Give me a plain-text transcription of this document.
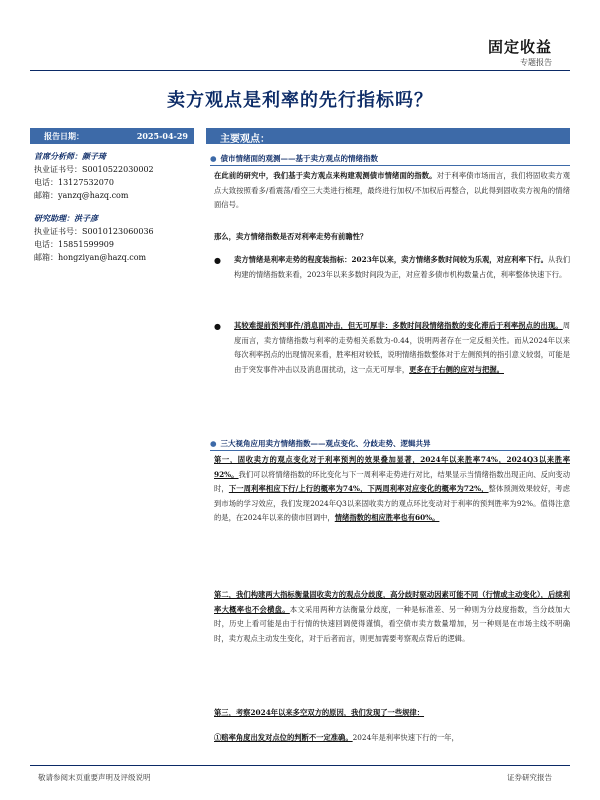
固定收益
专题报告
卖方观点是利率的先行指标吗？
报告日期：	2025-04-29	主要观点：
首席分析师：颜子琦
执业证书号：S0010522030002
电话：13127532070
邮箱：yanzq@hazq.com
研究助理：洪子彦
执业证书号：S0010123060036
电话：15851599909
邮箱：hongziyan@hazq.com
● 债市情绪面的观测——基于卖方观点的情绪指数
在此前的研究中，我们基于卖方观点来构建观测债市情绪面的指数。对于利率债市场而言，我们将固收卖方观点大致按照看多/看震荡/看空三大类进行梳理，最终进行加权/不加权后再整合，以此得到固收卖方视角的情绪面信号。
那么，卖方情绪指数是否对利率走势有前瞻性？
● 卖方情绪是利率走势的程度装指标：2023年以来，卖方情绪多数时间较为乐观，对应利率下行。从我们构建的情绪指数来看，2023年以来多数时间段为正，对应着多债市机构数量占优，利率整体快速下行。
● 其较难提前预判事件/消息面冲击，但无可厚非：多数时间段情绪指数的变化滞后于利率拐点的出现。周度而言，卖方情绪指数与利率的走势相关系数为-0.44，说明两者存在一定反相关性。而从2024年以来每次利率拐点的出现情况来看，胜率相对较低，说明情绪指数整体对于左侧预判的指引意义较弱，可能是由于突发事件冲击以及消息面扰动，这一点无可厚非，更多在于右侧的应对与把握。
● 三大视角应用卖方情绪指数——观点变化、分歧走势、逻辑共异
第一，固收卖方的观点变化对于利率预判的效果叠加显著，2024年以来胜率74%，2024Q3以来胜率92%。我们可以将情绪指数的环比变化与下一周利率走势进行对比，结果显示当情绪指数出现正向、反向变动时，下一周利率相应下行/上行的概率为74%，下两周利率对应变化的概率为72%，整体预测效果较好，考虑到市场的学习效应，我们发现2024年Q3以来固收卖方的观点环比变动对于利率的预判胜率为92%。值得注意的是，在2024年以来的债市回调中，情绪指数的相应胜率也有60%。
第二，我们构建两大指标衡量固收卖方的观点分歧度，高分歧时驱动因素可能不同（行情或主动变化），后续利率大概率也不会横盘。本文采用两种方法衡量分歧度，一种是标准差、另一种则为分歧度指数，当分歧加大时，历史上看可能是由于行情的快速回调使得谨慎，看空债市卖方数量增加，另一种则是在市场主线不明确时，卖方观点主动发生变化，对于后者而言，则更加需要考察观点背后的逻辑。
第三，考察2024年以来多空双方的原因，我们发现了一些规律：
①赔率角度出发对点位的判断不一定准确。2024年是利率快速下行的一年，
敬请参阅末页重要声明及评级说明	证券研究报告
